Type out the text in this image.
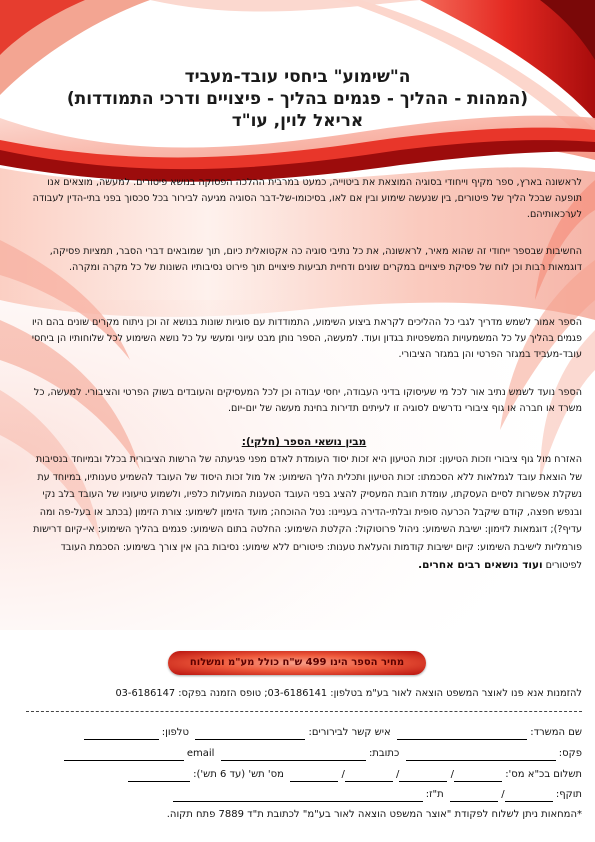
ה"שימוע" ביחסי עובד-מעביד
(המהות - ההליך - פגמים בהליך - פיצויים ודרכי התמודדות)
אריאל לוין, עו"ד
לראשונה בארץ, ספר מקיף וייחודי בסוגיה המוצאת את ביטוייה, כמעט במרבית ההלכה הפסוקה בנושא פיטורים. למעשה, מוצאים אנו תופעה שבכל הליך של פיטורים, בין שנעשה שימוע ובין אם לאו, בסיכומו-של-דבר הסוגיה מגיעה לבירור בכל סכסוך בפני בתי-הדין לעבודה לערכאותיהם.
החשיבות שבספר ייחודי זה שהוא מאיר, לראשונה, את כל נתיבי סוגיה כה אקטואלית כיום, תוך שמובאים דברי הסבר, תמציות פסיקה, דוגמאות רבות וכן לוח של פסיקת פיצויים במקרים שונים ודחיית תביעות פיצויים תוך פירוט נסיבותיו השונות של כל מקרה ומקרה.
הספר אמור לשמש מדריך לגבי כל ההליכים לקראת ביצוע השימוע, התמודדות עם סוגיות שונות בנושא זה וכן ניתוח מקרים שונים בהם היו פגמים בהליך על כל המשמעויות המשפטיות בגדון ועוד. למעשה, הספר נותן מבט עיוני ומעשי על כל נושא השימוע לכל שלוחותיו הן ביחסי עובד-מעביד במגזר הפרטי והן במגזר הציבורי.
הספר נועד לשמש נתיב אור לכל מי שעיסוקו בדיני העבודה, יחסי עבודה וכן לכל המעסיקים והעובדים בשוק הפרטי והציבורי. למעשה, כל משרד או חברה או גוף ציבורי נדרשים לסוגיה זו לעיתים תדירות בחינת מעשה של יום-יום.
מבין נושאי הספר (חלקי):
האזרח מול גוף ציבורי וזכות הטיעון: זכות הטיעון היא זכות יסוד העומדת לאדם מפני פגיעתה של הרשות הציבורית בכלל ובמיוחד בנסיבות של הוצאת עובד לגמלאות ללא הסכמתו: זכות הטיעון ותכלית הליך השימוע: אל מול זכות היסוד של העובד להשמיע טענותיו, במיוחד עת נשקלת אפשרות לסיים העסקתו, עומדת חובת המעסיק להציג בפני העובד הטענות המועלות כלפיו, ולשמוע טיעוניו של העובד בלב נקי ובנפש חפצה, קודם שיקבל הכרעה סופית ובלתי-הדירה בעניינו: נטל ההוכחה; מועד הזימון לשימוע: צורת הזימון (בכתב או בעל-פה ומה עדיף?); דוגמאות לזימון: ישיבת השימוע: ניהול פרוטוקול: הקלטת השימוע: החלטה בתום השימוע: פגמים בהליך השימוע: אי-קיום דרישות פורמליות לישיבת השימוע: קיום ישיבות קודמות והעלאת טענות: פיטורים ללא שימוע: נסיבות בהן אין צורך בשימוע: הסכמת העובד לפיטורים ועוד נושאים רבים אחרים.
מחיר הספר הינו 499 ש"ח כולל מע"מ ומשלוח
להזמנות אנא פנו לאוצר המשפט הוצאה לאור בע"מ בטלפון: 03-6186141; טופס הזמנה בפקס: 03-6186147
שם המשרד:   איש קשר לבירורים:   טלפון:
פקס:   כתובת:   email
תשלום בכ"א מס': / / /   מס' תש' (עד 6 תש'):
תוקף: /   ת"ז:
*המחאות ניתן לשלוח לפקודת "אוצר המשפט הוצאה לאור בע"מ" לכתובת ת"ד 7889 פתח תקוה.
